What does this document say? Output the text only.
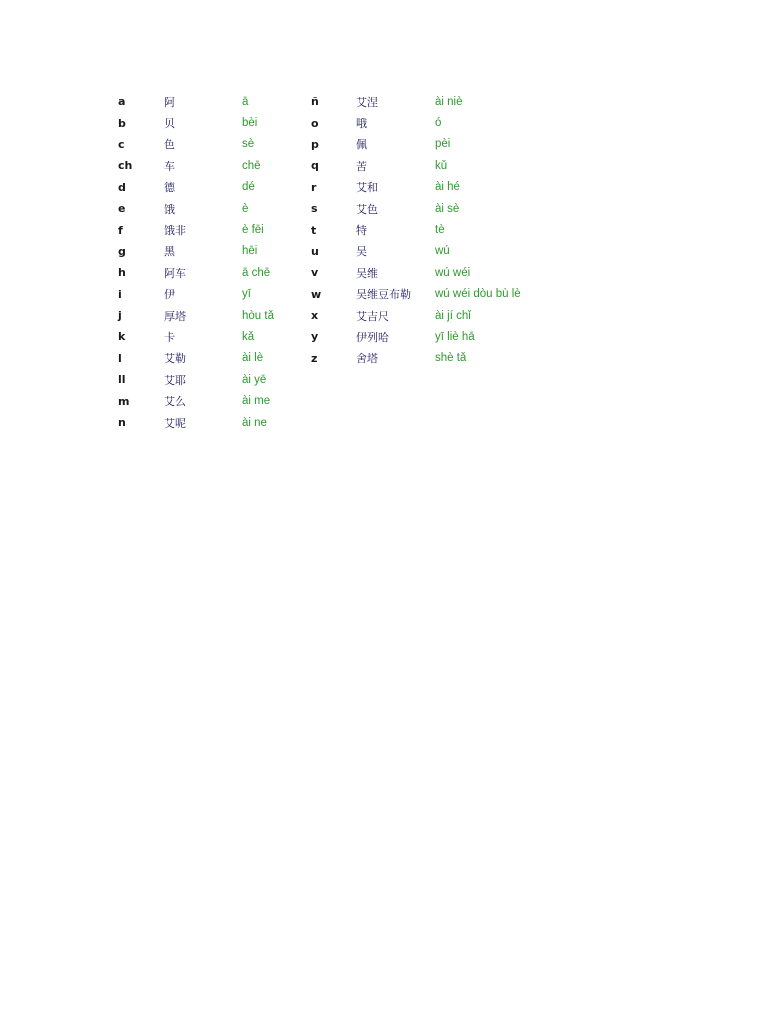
a	阿	ā
b	贝	bèi
c	色	sè
ch	车	chē
d	德	dé
e	饿	è
f	饿非	è fēi
g	黑	hēi
h	阿车	ā chē
i	伊	yī
j	厚塔	hòu tǎ
k	卡	kǎ
l	艾勒	ài lè
ll	艾耶	ài yē
m	艾么	ài me
n	艾呢	ài ne
ñ	艾涅	ài niè
o	哦	ó
p	佩	pèi
q	苦	kǔ
r	艾和	ài hé
s	艾色	ài sè
t	特	tè
u	吴	wú
v	吴维	wú wéi
w	吴维豆布勒	wú wéi dòu bù lè
x	艾吉尺	ài jí chǐ
y	伊列哈	yī liè hā
z	舍塔	shè tǎ
